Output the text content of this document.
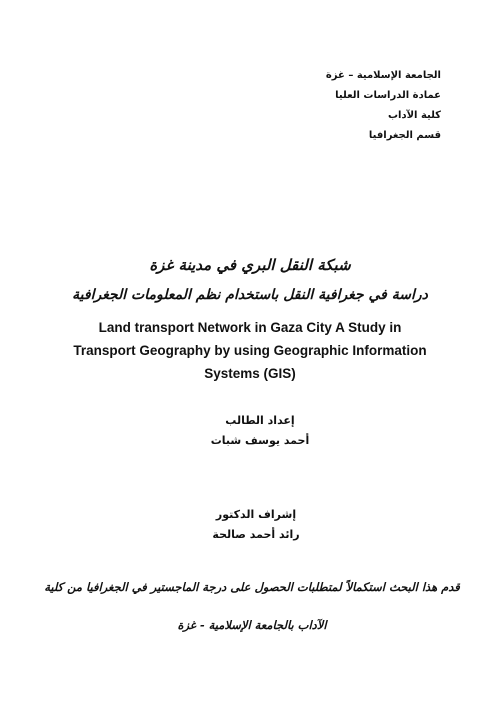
الجامعة الإسلامية – غزة
عمادة الدراسات العليا
كلية الآداب
قسم الجغرافيا
شبكة النقل البري في مدينة غزة
دراسة في جغرافية النقل باستخدام نظم المعلومات الجغرافية
Land transport Network in Gaza City A Study in
Transport Geography by using Geographic Information
Systems (GIS)
إعداد الطالب
أحمد يوسف شبات
إشراف الدكتور
رائد أحمد صالحة
قدم هذا البحث استكمالاً لمتطلبات الحصول على درجة الماجستير في الجغرافيا من كلية
الآداب بالجامعة الإسلامية - غزة
